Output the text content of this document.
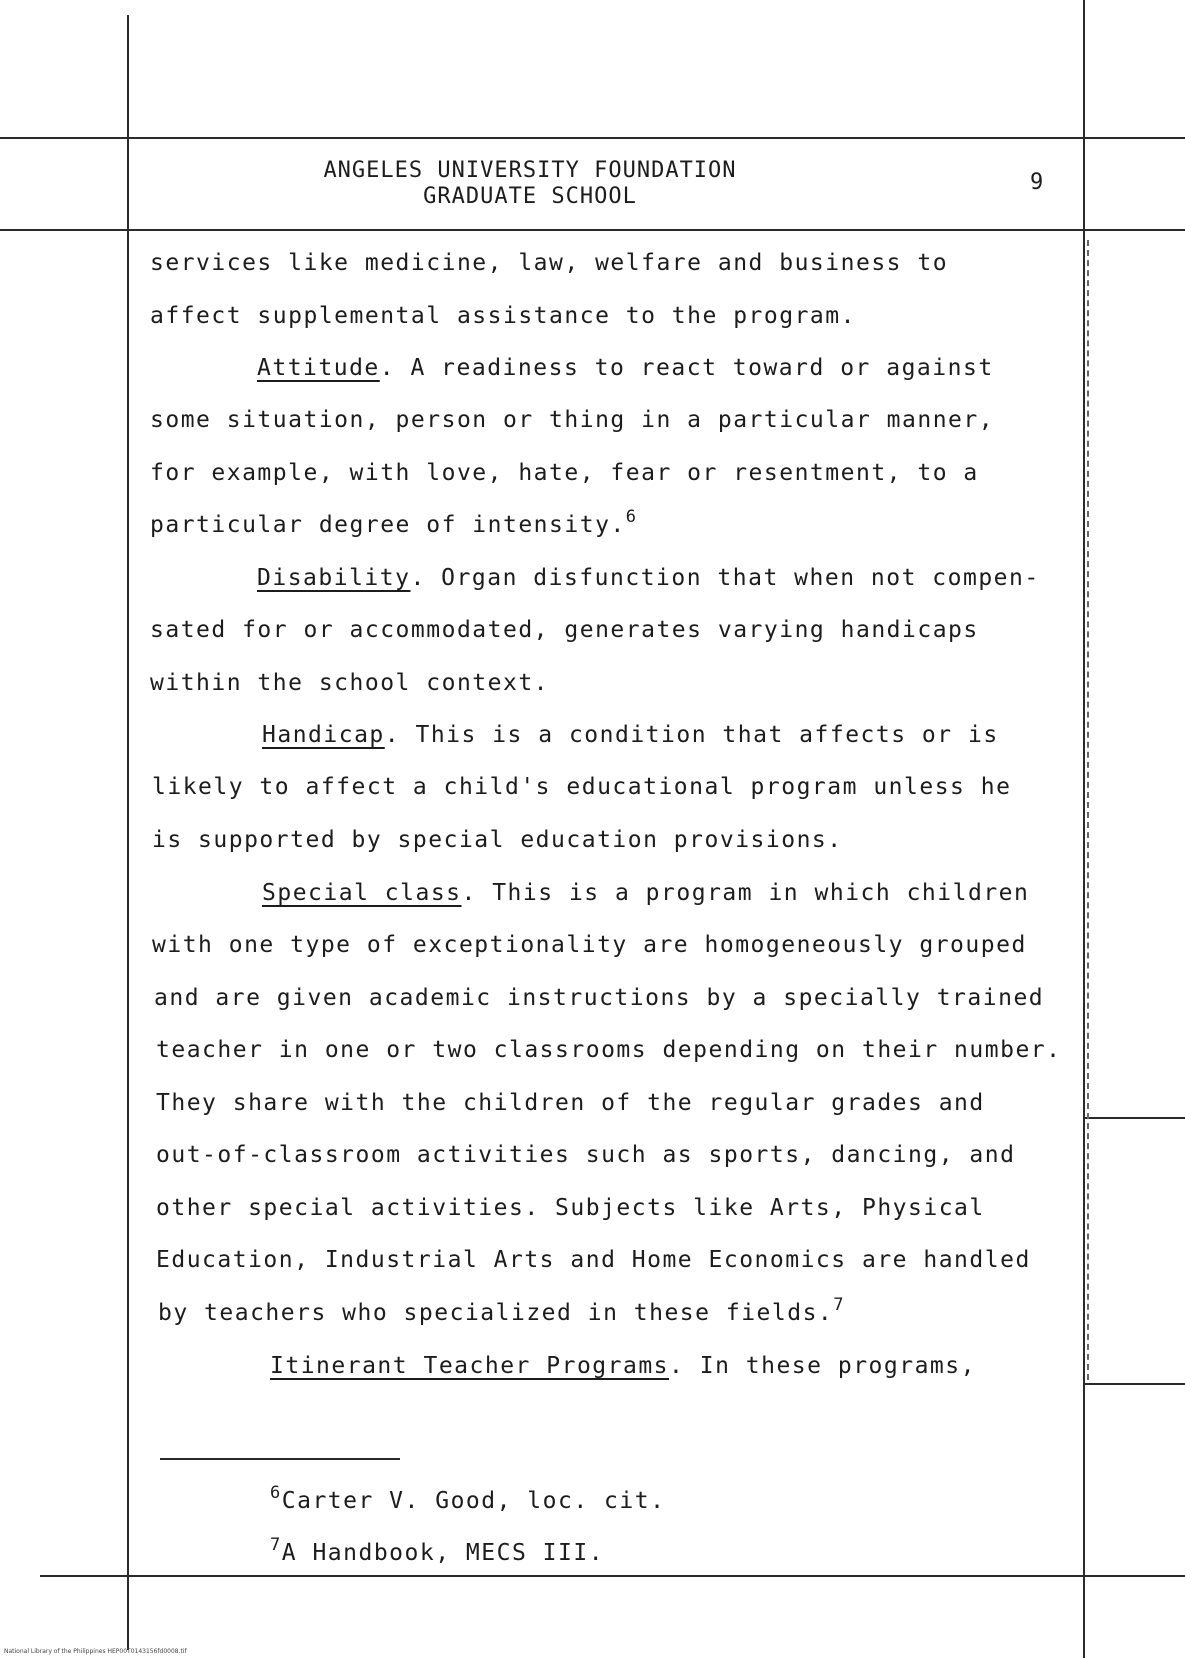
ANGELES UNIVERSITY FOUNDATION
GRADUATE SCHOOL
9
services like medicine, law, welfare and business to
affect supplemental assistance to the program.
Attitude. A readiness to react toward or against
some situation, person or thing in a particular manner,
for example, with love, hate, fear or resentment, to a
particular degree of intensity.$^6$
Disability. Organ disfunction that when not compen-
sated for or accommodated, generates varying handicaps
within the school context.
Handicap. This is a condition that affects or is
likely to affect a child's educational program unless he
is supported by special education provisions.
Special class. This is a program in which children
with one type of exceptionality are homogeneously grouped
and are given academic instructions by a specially trained
teacher in one or two classrooms depending on their number.
They share with the children of the regular grades and
out-of-classroom activities such as sports, dancing, and
other special activities. Subjects like Arts, Physical
Education, Industrial Arts and Home Economics are handled
by teachers who specialized in these fields.$^7$
Itinerant Teacher Programs. In these programs,
$^6$Carter V. Good, loc. cit.
$^7$A Handbook, MECS III.
National Library of the Philippines HEP00T0143156fd0008.tif
